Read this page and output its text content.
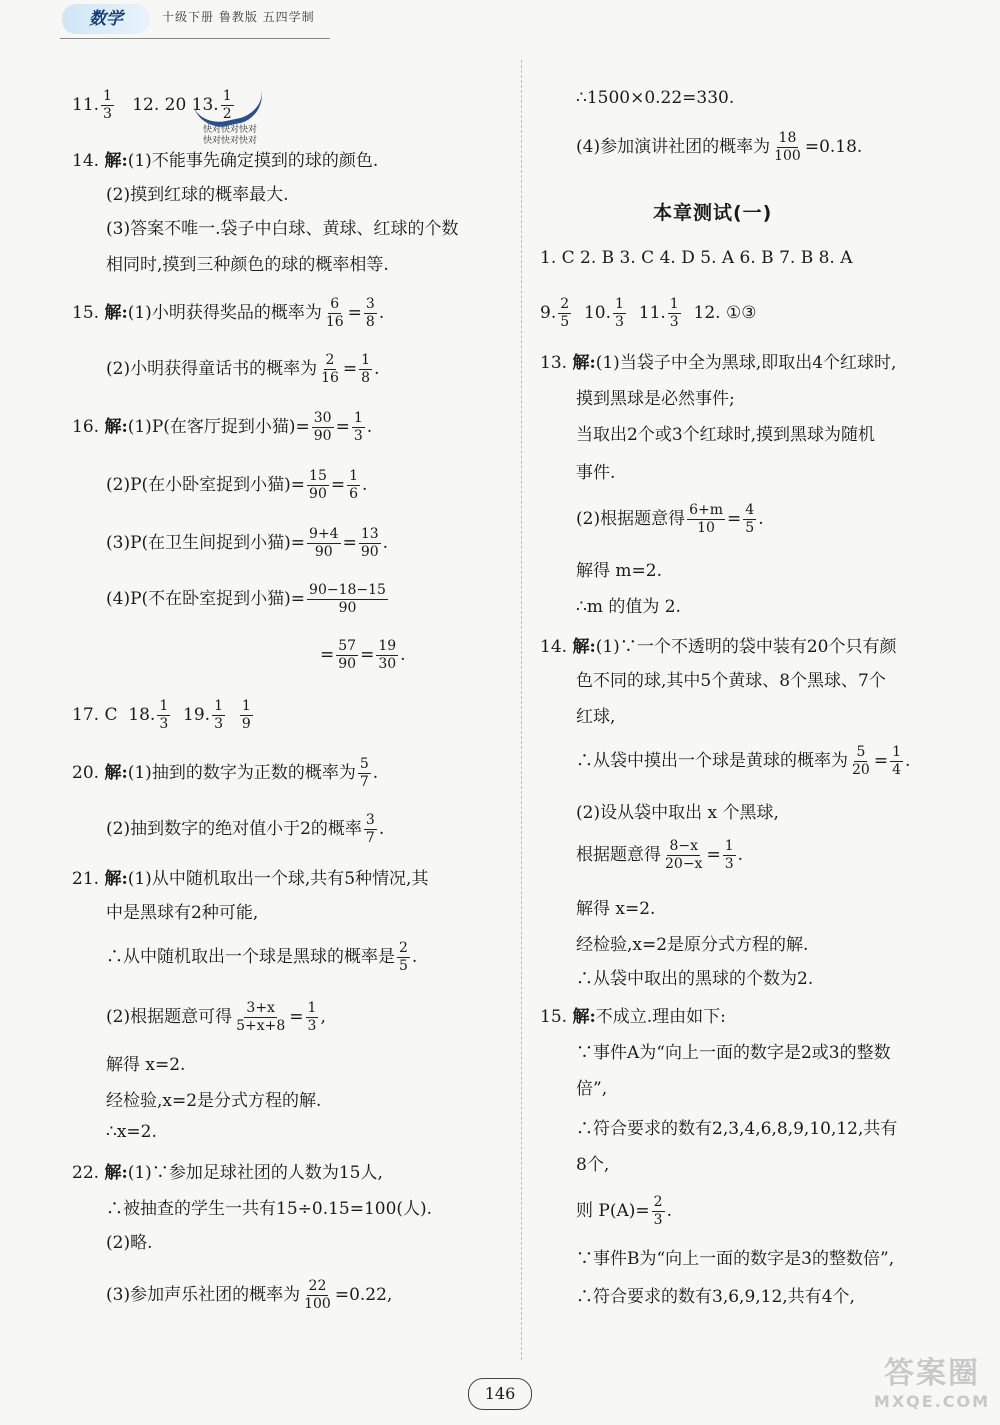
数学	十级下册 鲁教版 五四学制
快对快对快对
快对快对快对
11. $\frac{1}{3} 12$. 20 13. $\frac{1}{2}$
14. 解:(1)不能事先确定摸到的球的颜色.
(2)摸到红球的概率最大.
(3)答案不唯一.袋子中白球、黄球、红球的个数
相同时,摸到三种颜色的球的概率相等.
15. 解:(1)小明获得奖品的概率为 $\frac{6}{16} = \frac{3}{8}$ .
(2)小明获得童话书的概率为 $\frac{2}{16} = \frac{1}{8}$ .
16. 解:(1)P(在客厅捉到小猫)= $\frac{30}{90} = \frac{1}{3}$ .
(2)P(在小卧室捉到小猫)= $\frac{15}{90} = \frac{1}{6}$ .
(3)P(在卫生间捉到小猫)= $\frac{9+4}{90} = \frac{13}{90}$ .
(4)P(不在卧室捉到小猫)= $\frac{90-18-15}{90}$
= $\frac{57}{90} = \frac{19}{30}$ .
17. C 18. $\frac{1}{3} 19$. $\frac{1}{3}$
$\frac{1}{9}$
20. 解:(1)抽到的数字为正数的概率为 $\frac{5}{7}$ .
(2)抽到数字的绝对值小于2的概率 $\frac{3}{7}$ .
21. 解:(1)从中随机取出一个球,共有5种情况,其
中是黑球有2种可能,
∴从中随机取出一个球是黑球的概率是 $\frac{2}{5}$ .
(2)根据题意可得 $\frac{3+x}{5+x+8} = \frac{1}{3}$ ,
解得 x=2.
经检验,x=2是分式方程的解.
∴x=2.
22. 解:(1)∵参加足球社团的人数为15人,
∴被抽查的学生一共有15÷0.15=100(人).
(2)略.
(3)参加声乐社团的概率为 $\frac{22}{100} =0.22$,
∴1500×0.22=330.
(4)参加演讲社团的概率为 $\frac{18}{100} =0.18$.
本章测试(一)
1. C 2. B 3. C 4. D 5. A 6. B 7. B 8. A
9. $\frac{2}{5} 10$. $\frac{1}{3} 11$. $\frac{1}{3} 12$. ①③
13. 解:(1)当袋子中全为黑球,即取出4个红球时,
摸到黑球是必然事件;
当取出2个或3个红球时,摸到黑球为随机
事件.
(2)根据题意得 $\frac{6+m}{10} = \frac{4}{5}$ .
解得 m=2.
∴m 的值为 2.
14. 解:(1)∵一个不透明的袋中装有20个只有颜
色不同的球,其中5个黄球、8个黑球、7个
红球,
∴从袋中摸出一个球是黄球的概率为 $\frac{5}{20} = \frac{1}{4}$ .
(2)设从袋中取出 x 个黑球,
根据题意得 $\frac{8-x}{20-x} = \frac{1}{3}$ .
解得 x=2.
经检验,x=2是原分式方程的解.
∴从袋中取出的黑球的个数为2.
15. 解:不成立.理由如下:
∵事件A为“向上一面的数字是2或3的整数
倍”,
∴符合要求的数有2,3,4,6,8,9,10,12,共有
8个,
则 $P(A)= \frac{2}{3}$ .
∵事件B为“向上一面的数字是3的整数倍”,
∴符合要求的数有3,6,9,12,共有4个,
146
答案圈
MXQE.COM
